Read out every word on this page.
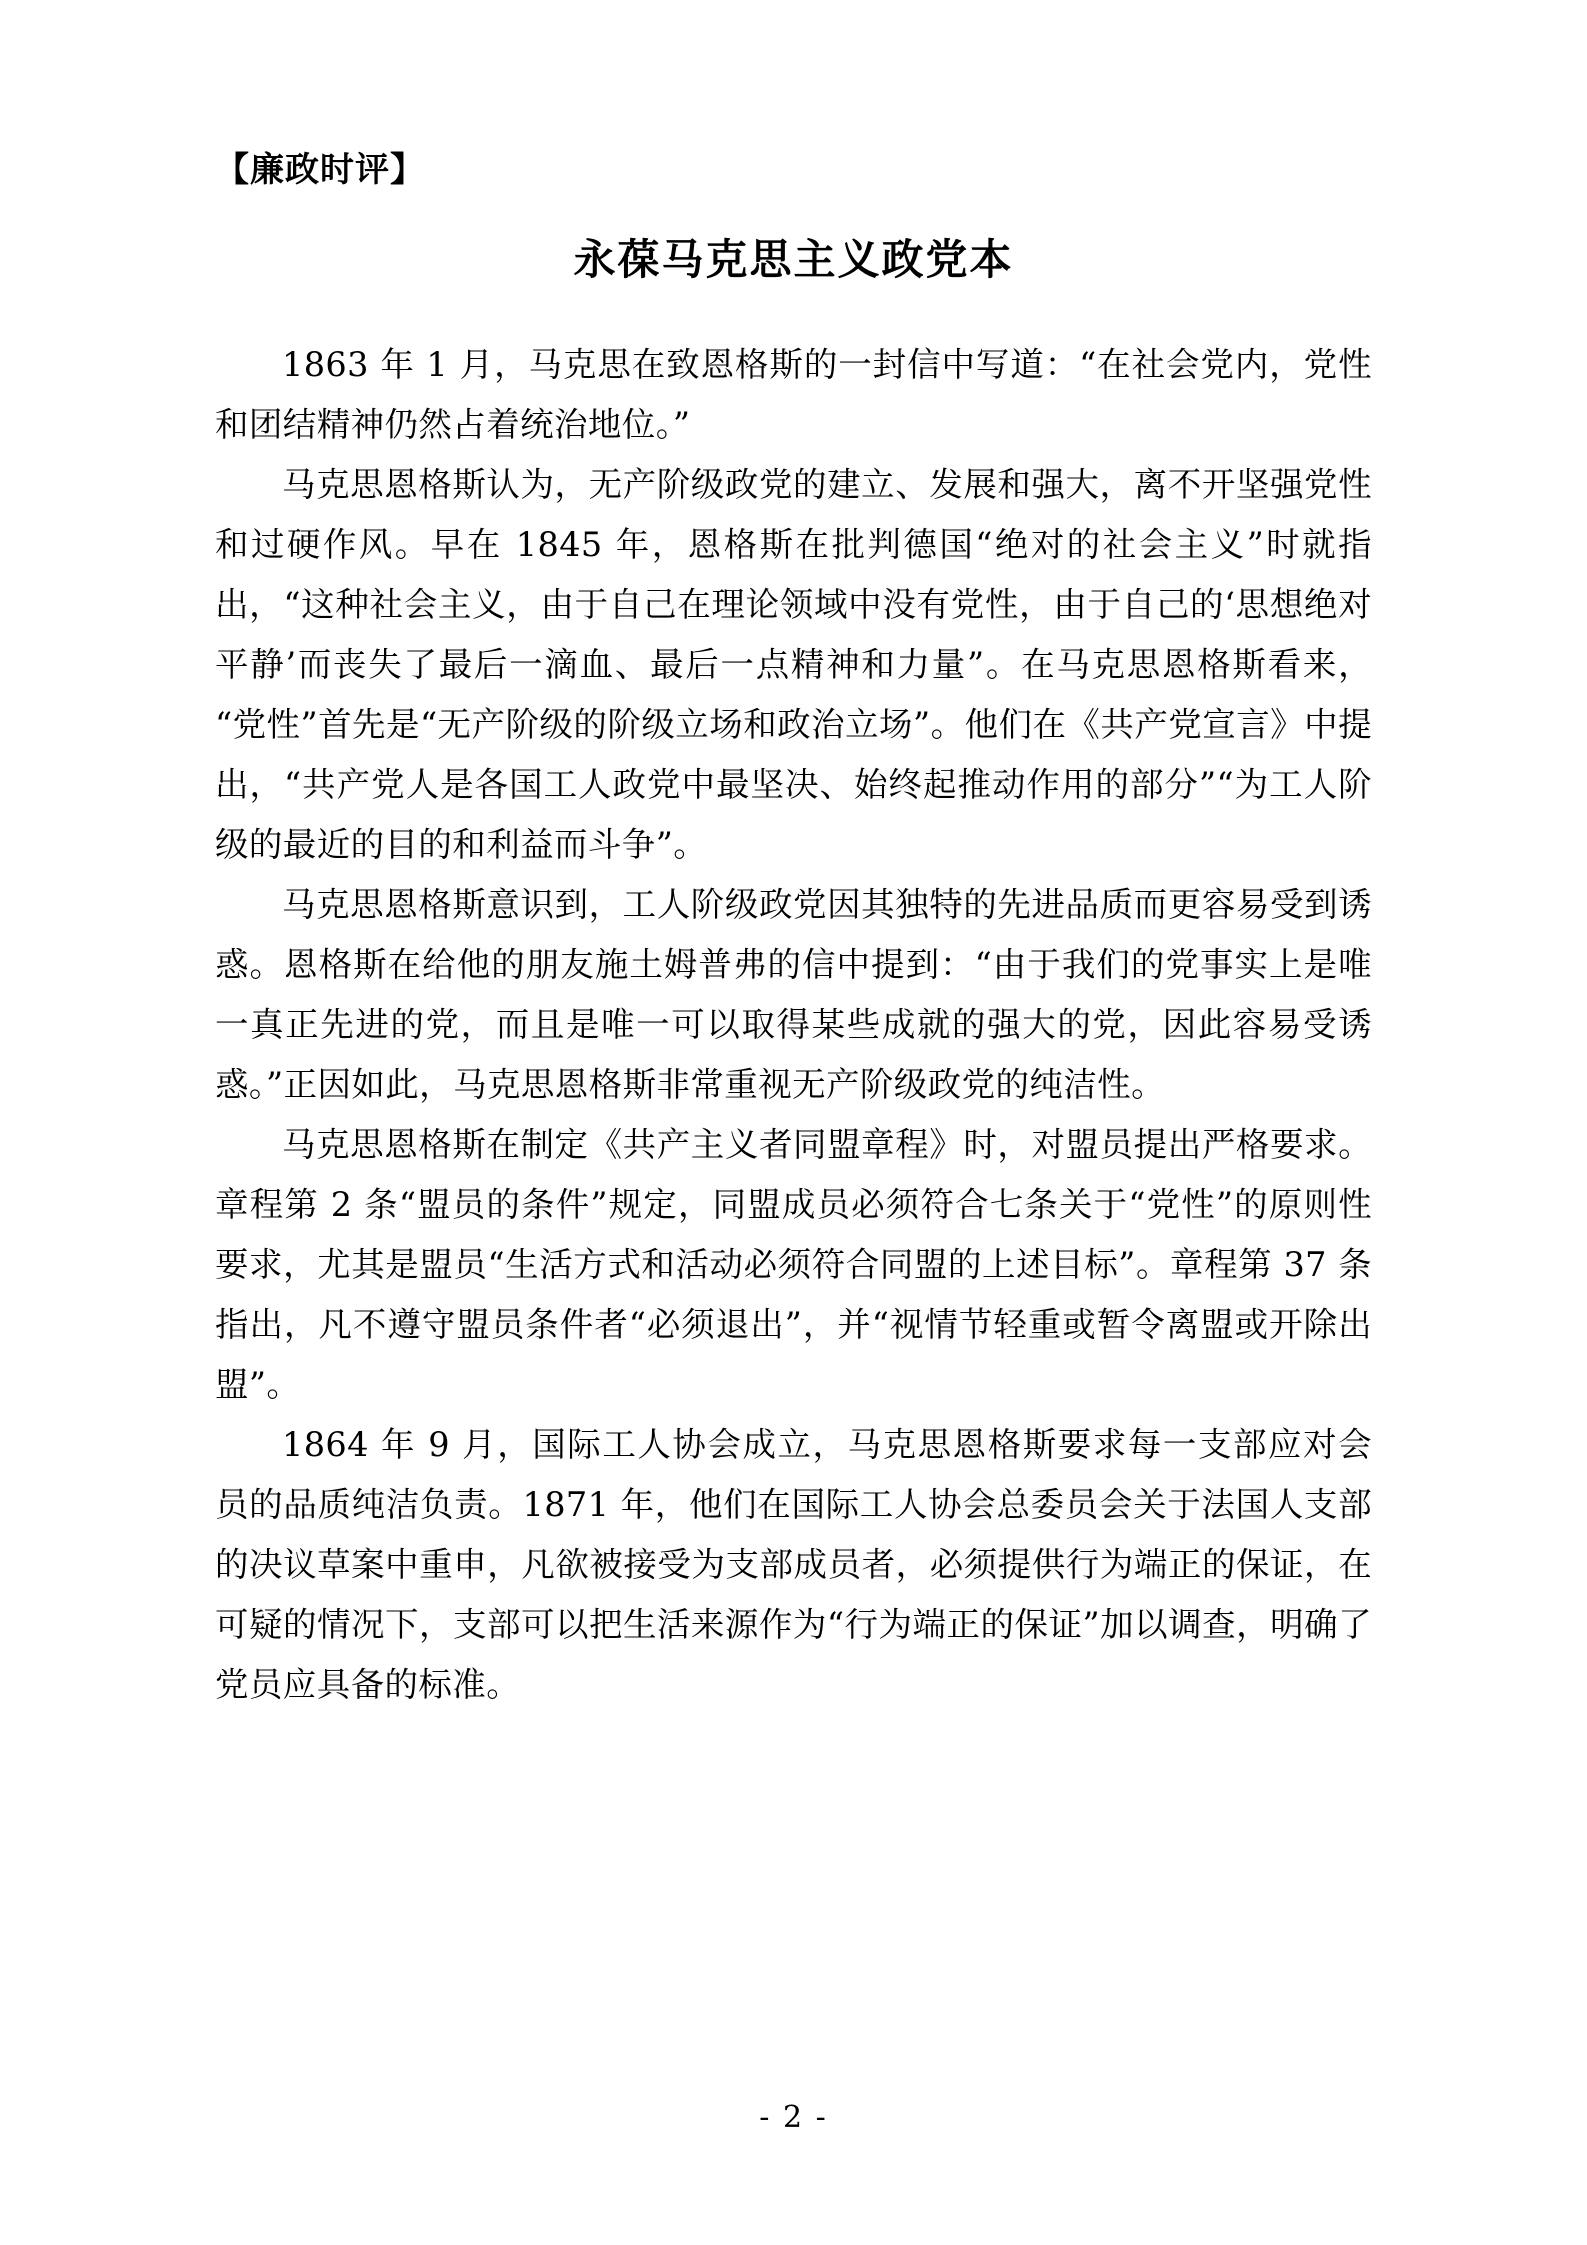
【廉政时评】
永葆马克思主义政党本

1863 年 1 月，马克思在致恩格斯的一封信中写道：“在社会党内，党性和团结精神仍然占着统治地位。”

马克思恩格斯认为，无产阶级政党的建立、发展和强大，离不开坚强党性和过硬作风。早在 1845 年，恩格斯在批判德国“绝对的社会主义”时就指出，“这种社会主义，由于自己在理论领域中没有党性，由于自己的‘思想绝对平静’而丧失了最后一滴血、最后一点精神和力量”。在马克思恩格斯看来，“党性”首先是“无产阶级的阶级立场和政治立场”。他们在《共产党宣言》中提出，“共产党人是各国工人政党中最坚决、始终起推动作用的部分”“为工人阶级的最近的目的和利益而斗争”。

马克思恩格斯意识到，工人阶级政党因其独特的先进品质而更容易受到诱惑。恩格斯在给他的朋友施土姆普弗的信中提到：“由于我们的党事实上是唯一真正先进的党，而且是唯一可以取得某些成就的强大的党，因此容易受诱惑。”正因如此，马克思恩格斯非常重视无产阶级政党的纯洁性。

马克思恩格斯在制定《共产主义者同盟章程》时，对盟员提出严格要求。章程第 2 条“盟员的条件”规定，同盟成员必须符合七条关于“党性”的原则性要求，尤其是盟员“生活方式和活动必须符合同盟的上述目标”。章程第 37 条指出，凡不遵守盟员条件者“必须退出”，并“视情节轻重或暂令离盟或开除出盟”。

1864 年 9 月，国际工人协会成立，马克思恩格斯要求每一支部应对会员的品质纯洁负责。1871 年，他们在国际工人协会总委员会关于法国人支部的决议草案中重申，凡欲被接受为支部成员者，必须提供行为端正的保证，在可疑的情况下，支部可以把生活来源作为“行为端正的保证”加以调查，明确了党员应具备的标准。

- 2 -
